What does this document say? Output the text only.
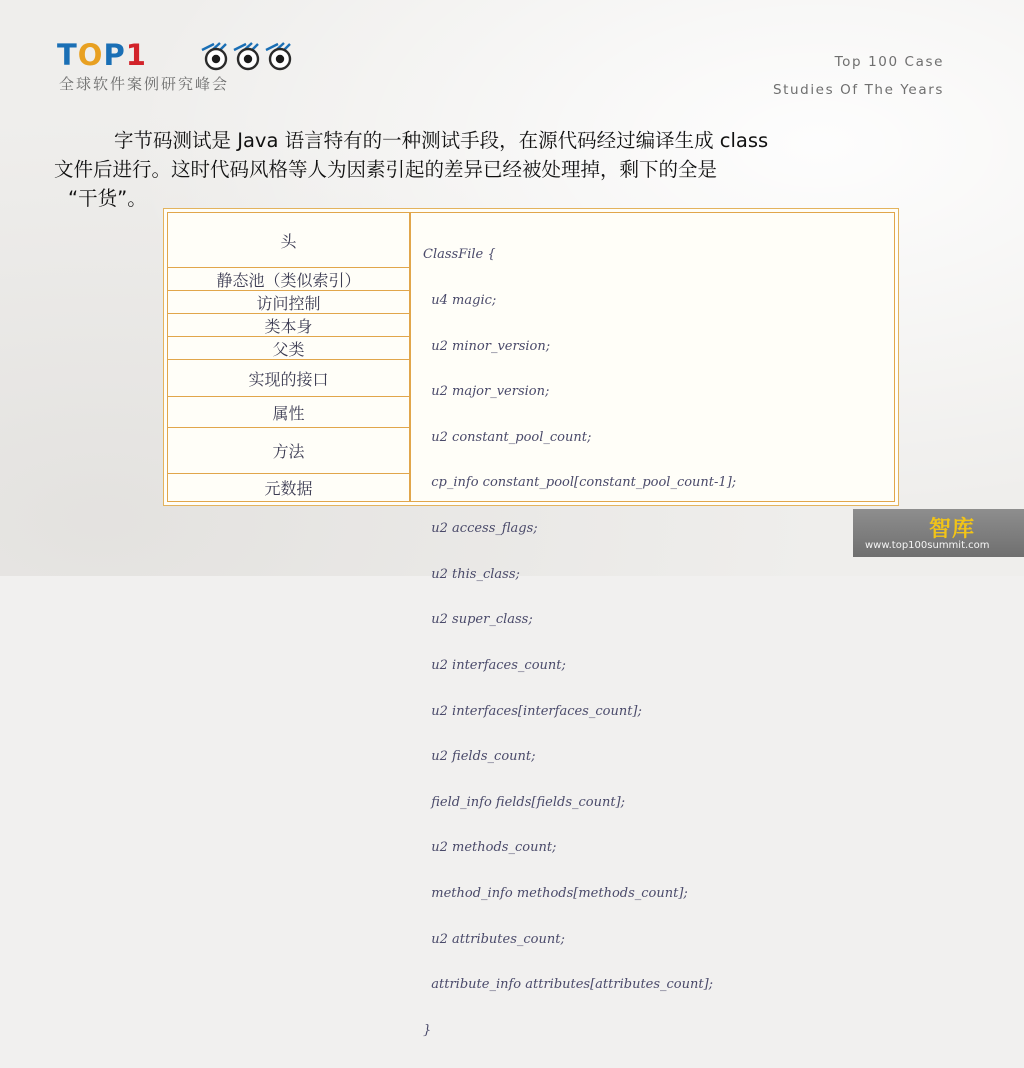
TOP1
全球软件案例研究峰会
Top 100 Case
Studies Of The Years

字节码测试是 Java 语言特有的一种测试手段，在源代码经过编译生成 class

文件后进行。这时代码风格等人为因素引起的差异已经被处理掉，剩下的全是
“干货”。
头
静态池（类似索引）
访问控制
类本身
父类
实现的接口
属性
方法
元数据

ClassFile {

u4 magic;

u2 minor_version;

u2 major_version;

u2 constant_pool_count;

cp_info constant_pool[constant_pool_count-1];

u2 access_flags;

u2 this_class;

u2 super_class;

u2 interfaces_count;

u2 interfaces[interfaces_count];

u2 fields_count;

field_info fields[fields_count];

u2 methods_count;

method_info methods[methods_count];

u2 attributes_count;

attribute_info attributes[attributes_count];

}

智库
www.top100summit.com
